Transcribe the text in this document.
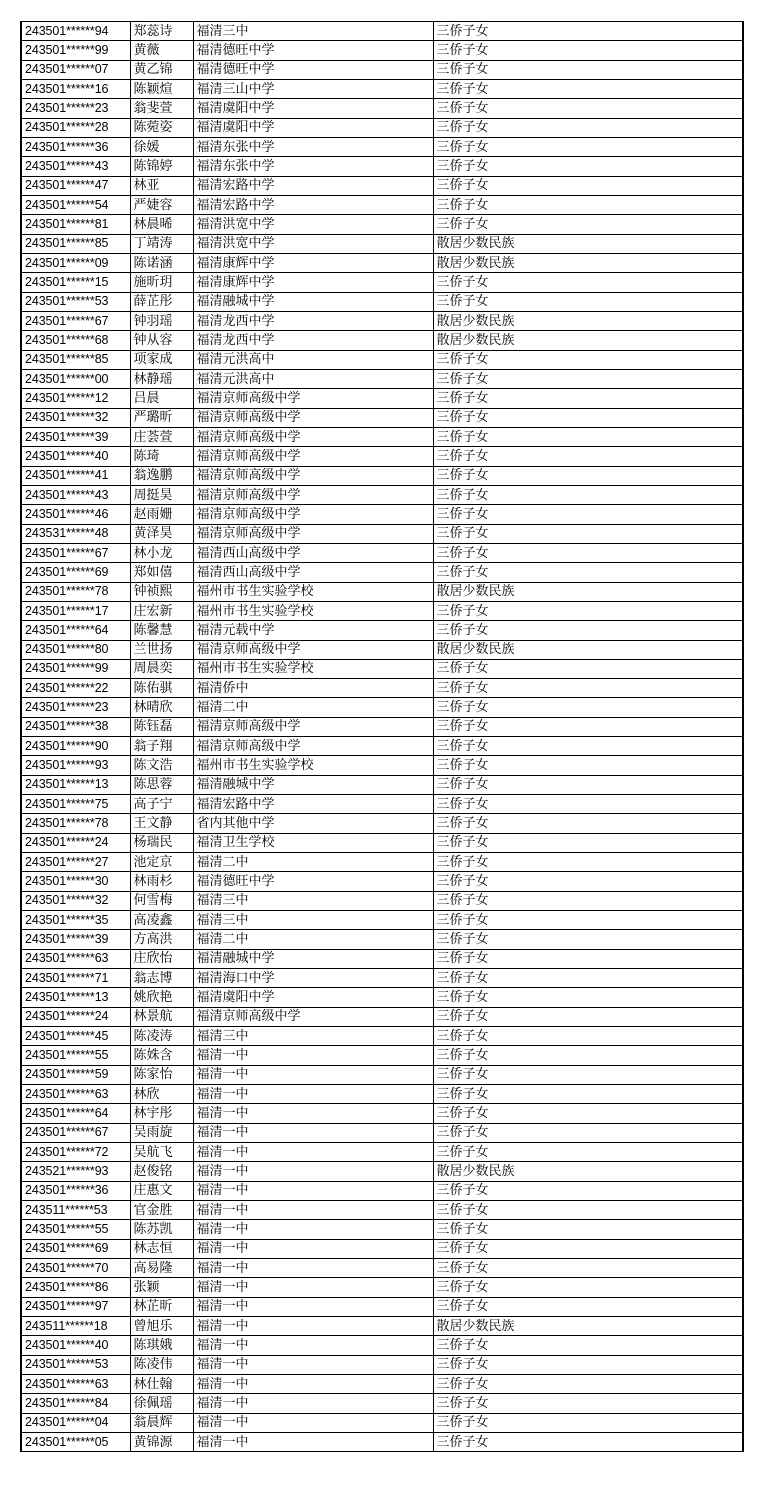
243501******94	郑蕊诗	福清三中	三侨子女
243501******99	黄薇	福清德旺中学	三侨子女
243501******07	黄乙锦	福清德旺中学	三侨子女
243501******16	陈颖煊	福清三山中学	三侨子女
243501******23	翁斐萱	福清虞阳中学	三侨子女
243501******28	陈菀姿	福清虞阳中学	三侨子女
243501******36	徐媛	福清东张中学	三侨子女
243501******43	陈锦婷	福清东张中学	三侨子女
243501******47	林亚	福清宏路中学	三侨子女
243501******54	严婕容	福清宏路中学	三侨子女
243501******81	林晨晞	福清洪宽中学	三侨子女
243501******85	丁靖涛	福清洪宽中学	散居少数民族
243501******09	陈诺涵	福清康辉中学	散居少数民族
243501******15	施昕玥	福清康辉中学	三侨子女
243501******53	薛芷彤	福清融城中学	三侨子女
243501******67	钟羽瑶	福清龙西中学	散居少数民族
243501******68	钟从容	福清龙西中学	散居少数民族
243501******85	项家成	福清元洪高中	三侨子女
243501******00	林静瑶	福清元洪高中	三侨子女
243501******12	吕晨	福清京师高级中学	三侨子女
243501******32	严璐昕	福清京师高级中学	三侨子女
243501******39	庄荟萱	福清京师高级中学	三侨子女
243501******40	陈琦	福清京师高级中学	三侨子女
243501******41	翁逸鹏	福清京师高级中学	三侨子女
243501******43	周挺昊	福清京师高级中学	三侨子女
243501******46	赵雨姗	福清京师高级中学	三侨子女
243531******48	黄泽昊	福清京师高级中学	三侨子女
243501******67	林小龙	福清西山高级中学	三侨子女
243501******69	郑如僖	福清西山高级中学	三侨子女
243501******78	钟祯熙	福州市书生实验学校	散居少数民族
243501******17	庄宏新	福州市书生实验学校	三侨子女
243501******64	陈馨慧	福清元载中学	三侨子女
243501******80	兰世扬	福清京师高级中学	散居少数民族
243501******99	周晨奕	福州市书生实验学校	三侨子女
243501******22	陈佑骐	福清侨中	三侨子女
243501******23	林晴欣	福清二中	三侨子女
243501******38	陈钰磊	福清京师高级中学	三侨子女
243501******90	翁子翔	福清京师高级中学	三侨子女
243501******93	陈文浩	福州市书生实验学校	三侨子女
243501******13	陈思蓉	福清融城中学	三侨子女
243501******75	高子宁	福清宏路中学	三侨子女
243501******78	王文静	省内其他中学	三侨子女
243501******24	杨瑞民	福清卫生学校	三侨子女
243501******27	池定京	福清二中	三侨子女
243501******30	林雨杉	福清德旺中学	三侨子女
243501******32	何雪梅	福清三中	三侨子女
243501******35	高凌鑫	福清三中	三侨子女
243501******39	方高洪	福清二中	三侨子女
243501******63	庄欣怡	福清融城中学	三侨子女
243501******71	翁志博	福清海口中学	三侨子女
243501******13	姚欣艳	福清虞阳中学	三侨子女
243501******24	林景航	福清京师高级中学	三侨子女
243501******45	陈凌涛	福清三中	三侨子女
243501******55	陈姝含	福清一中	三侨子女
243501******59	陈家怡	福清一中	三侨子女
243501******63	林欣	福清一中	三侨子女
243501******64	林宇彤	福清一中	三侨子女
243501******67	吴雨旋	福清一中	三侨子女
243501******72	吴航飞	福清一中	三侨子女
243521******93	赵俊铭	福清一中	散居少数民族
243501******36	庄惠文	福清一中	三侨子女
243511******53	官金胜	福清一中	三侨子女
243501******55	陈苏凯	福清一中	三侨子女
243501******69	林志恒	福清一中	三侨子女
243501******70	高易隆	福清一中	三侨子女
243501******86	张颖	福清一中	三侨子女
243501******97	林芷昕	福清一中	三侨子女
243511******18	曾旭乐	福清一中	散居少数民族
243501******40	陈琪娥	福清一中	三侨子女
243501******53	陈凌伟	福清一中	三侨子女
243501******63	林仕翰	福清一中	三侨子女
243501******84	徐佩瑶	福清一中	三侨子女
243501******04	翁晨辉	福清一中	三侨子女
243501******05	黄锦源	福清一中	三侨子女
